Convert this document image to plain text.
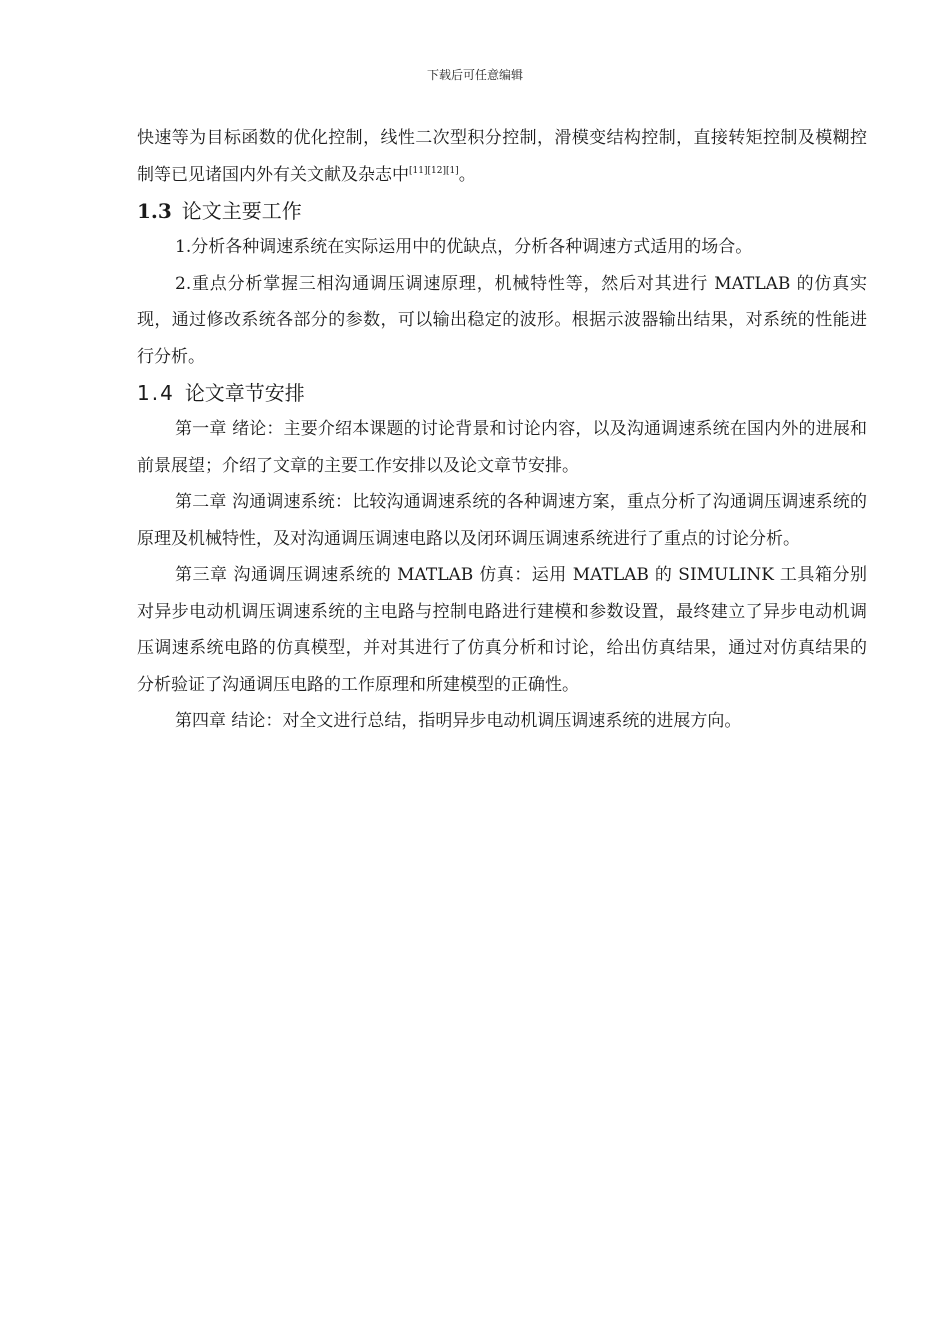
下载后可任意编辑

快速等为目标函数的优化控制，线性二次型积分控制，滑模变结构控制，直接转矩控制及模糊控制等已见诸国内外有关文献及杂志中[11][12][1]。

1.3 论文主要工作

1.分析各种调速系统在实际运用中的优缺点，分析各种调速方式适用的场合。

2.重点分析掌握三相沟通调压调速原理，机械特性等，然后对其进行 MATLAB 的仿真实现，通过修改系统各部分的参数，可以输出稳定的波形。根据示波器输出结果，对系统的性能进行分析。

1.4 论文章节安排

第一章 绪论：主要介绍本课题的讨论背景和讨论内容，以及沟通调速系统在国内外的进展和前景展望；介绍了文章的主要工作安排以及论文章节安排。

第二章 沟通调速系统：比较沟通调速系统的各种调速方案，重点分析了沟通调压调速系统的原理及机械特性，及对沟通调压调速电路以及闭环调压调速系统进行了重点的讨论分析。

第三章 沟通调压调速系统的 MATLAB 仿真：运用 MATLAB 的 SIMULINK 工具箱分别对异步电动机调压调速系统的主电路与控制电路进行建模和参数设置，最终建立了异步电动机调压调速系统电路的仿真模型，并对其进行了仿真分析和讨论，给出仿真结果，通过对仿真结果的分析验证了沟通调压电路的工作原理和所建模型的正确性。

第四章 结论：对全文进行总结，指明异步电动机调压调速系统的进展方向。
